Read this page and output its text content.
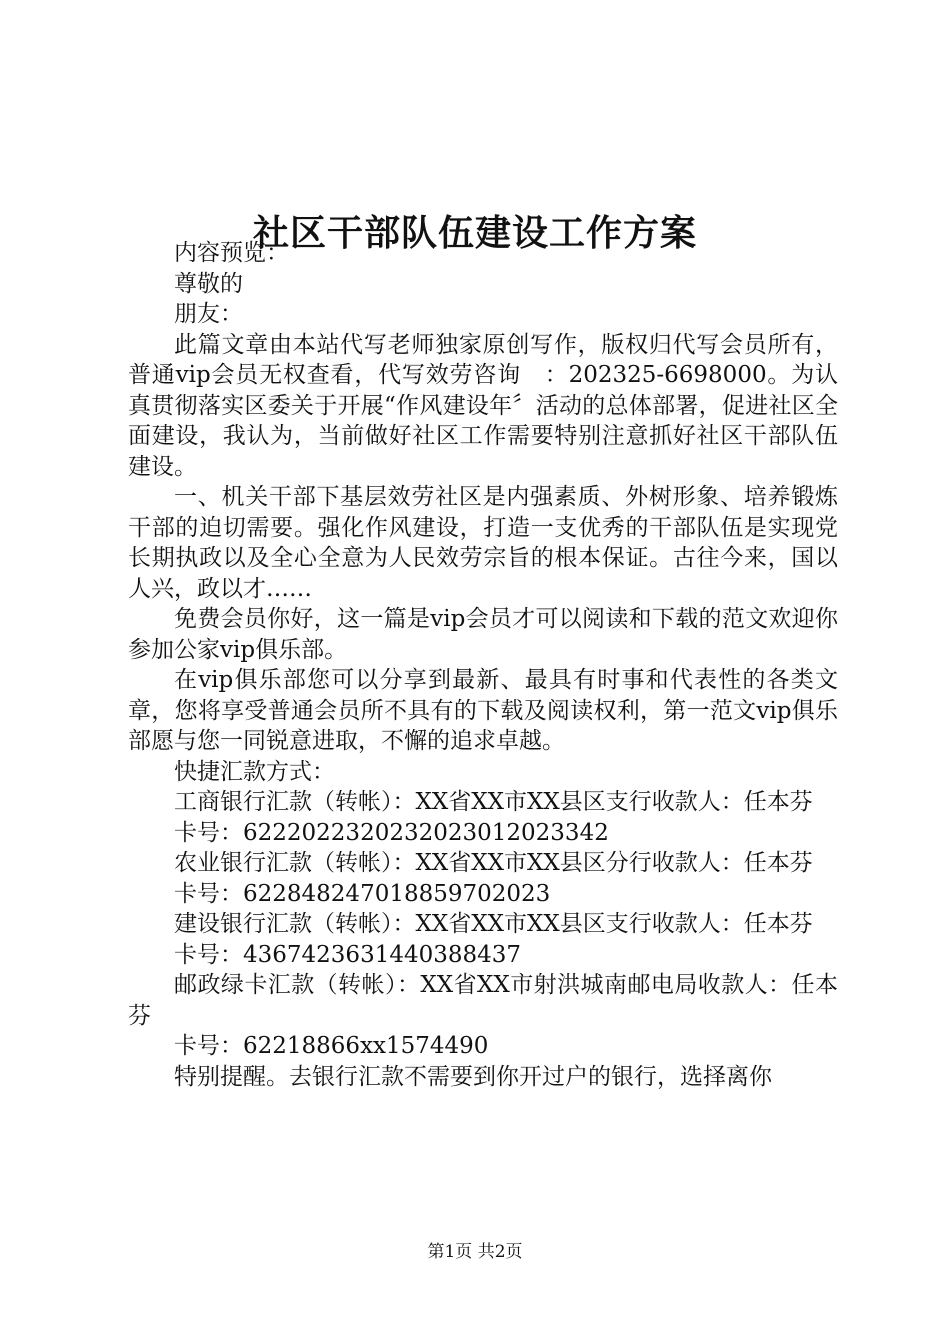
社区干部队伍建设工作方案

内容预览：

尊敬的

朋友：

此篇文章由本站代写老师独家原创写作，版权归代写会员所有，普通vip会员无权查看，代写效劳咨询　：202325-6698000。为认真贯彻落实区委关于开展“作风建设年〞活动的总体部署，促进社区全面建设，我认为，当前做好社区工作需要特别注意抓好社区干部队伍建设。

一、机关干部下基层效劳社区是内强素质、外树形象、培养锻炼干部的迫切需要。强化作风建设，打造一支优秀的干部队伍是实现党长期执政以及全心全意为人民效劳宗旨的根本保证。古往今来，国以人兴，政以才……

免费会员你好，这一篇是vip会员才可以阅读和下载的范文欢迎你参加公家vip俱乐部。

在vip俱乐部您可以分享到最新、最具有时事和代表性的各类文章，您将享受普通会员所不具有的下载及阅读权利，第一范文vip俱乐部愿与您一同锐意进取，不懈的追求卓越。

快捷汇款方式：

工商银行汇款（转帐）：XX省XX市XX县区支行收款人：任本芬

卡号：6222022320232023012023342

农业银行汇款（转帐）：XX省XX市XX县区分行收款人：任本芬

卡号：6228482470188597020​23

建设银行汇款（转帐）：XX省XX市XX县区支行收款人：任本芬

卡号：4367423631440388437

邮政绿卡汇款（转帐）：XX省XX市射洪城南邮电局收款人：任本芬

卡号：62218866xx1574490

特别提醒。去银行汇款不需要到你开过户的银行，选择离你

第1页 共2页
